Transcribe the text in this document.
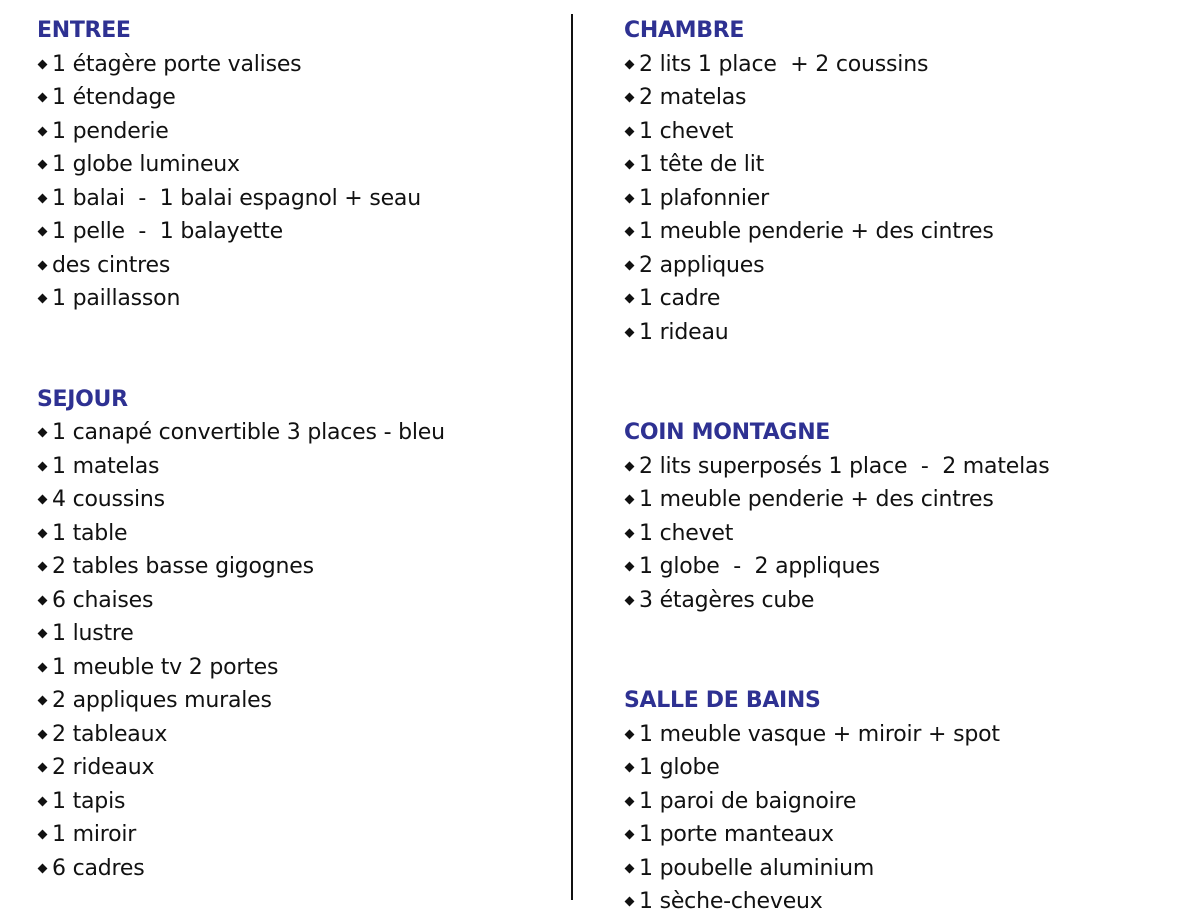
ENTREE
1 étagère porte valises
1 étendage
1 penderie
1 globe lumineux
1 balai  -  1 balai espagnol + seau
1 pelle  -  1 balayette
des cintres
1 paillasson
SEJOUR
1 canapé convertible 3 places - bleu
1 matelas
4 coussins
1 table
2 tables basse gigognes
6 chaises
1 lustre
1 meuble tv 2 portes
2 appliques murales
2 tableaux
2 rideaux
1 tapis
1 miroir
6 cadres
CHAMBRE
2 lits 1 place  + 2 coussins
2 matelas
1 chevet
1 tête de lit
1 plafonnier
1 meuble penderie + des cintres
2 appliques
1 cadre
1 rideau
COIN MONTAGNE
2 lits superposés 1 place  -  2 matelas
1 meuble penderie + des cintres
1 chevet
1 globe  -  2 appliques
3 étagères cube
SALLE DE BAINS
1 meuble vasque + miroir + spot
1 globe
1 paroi de baignoire
1 porte manteaux
1 poubelle aluminium
1 sèche-cheveux
